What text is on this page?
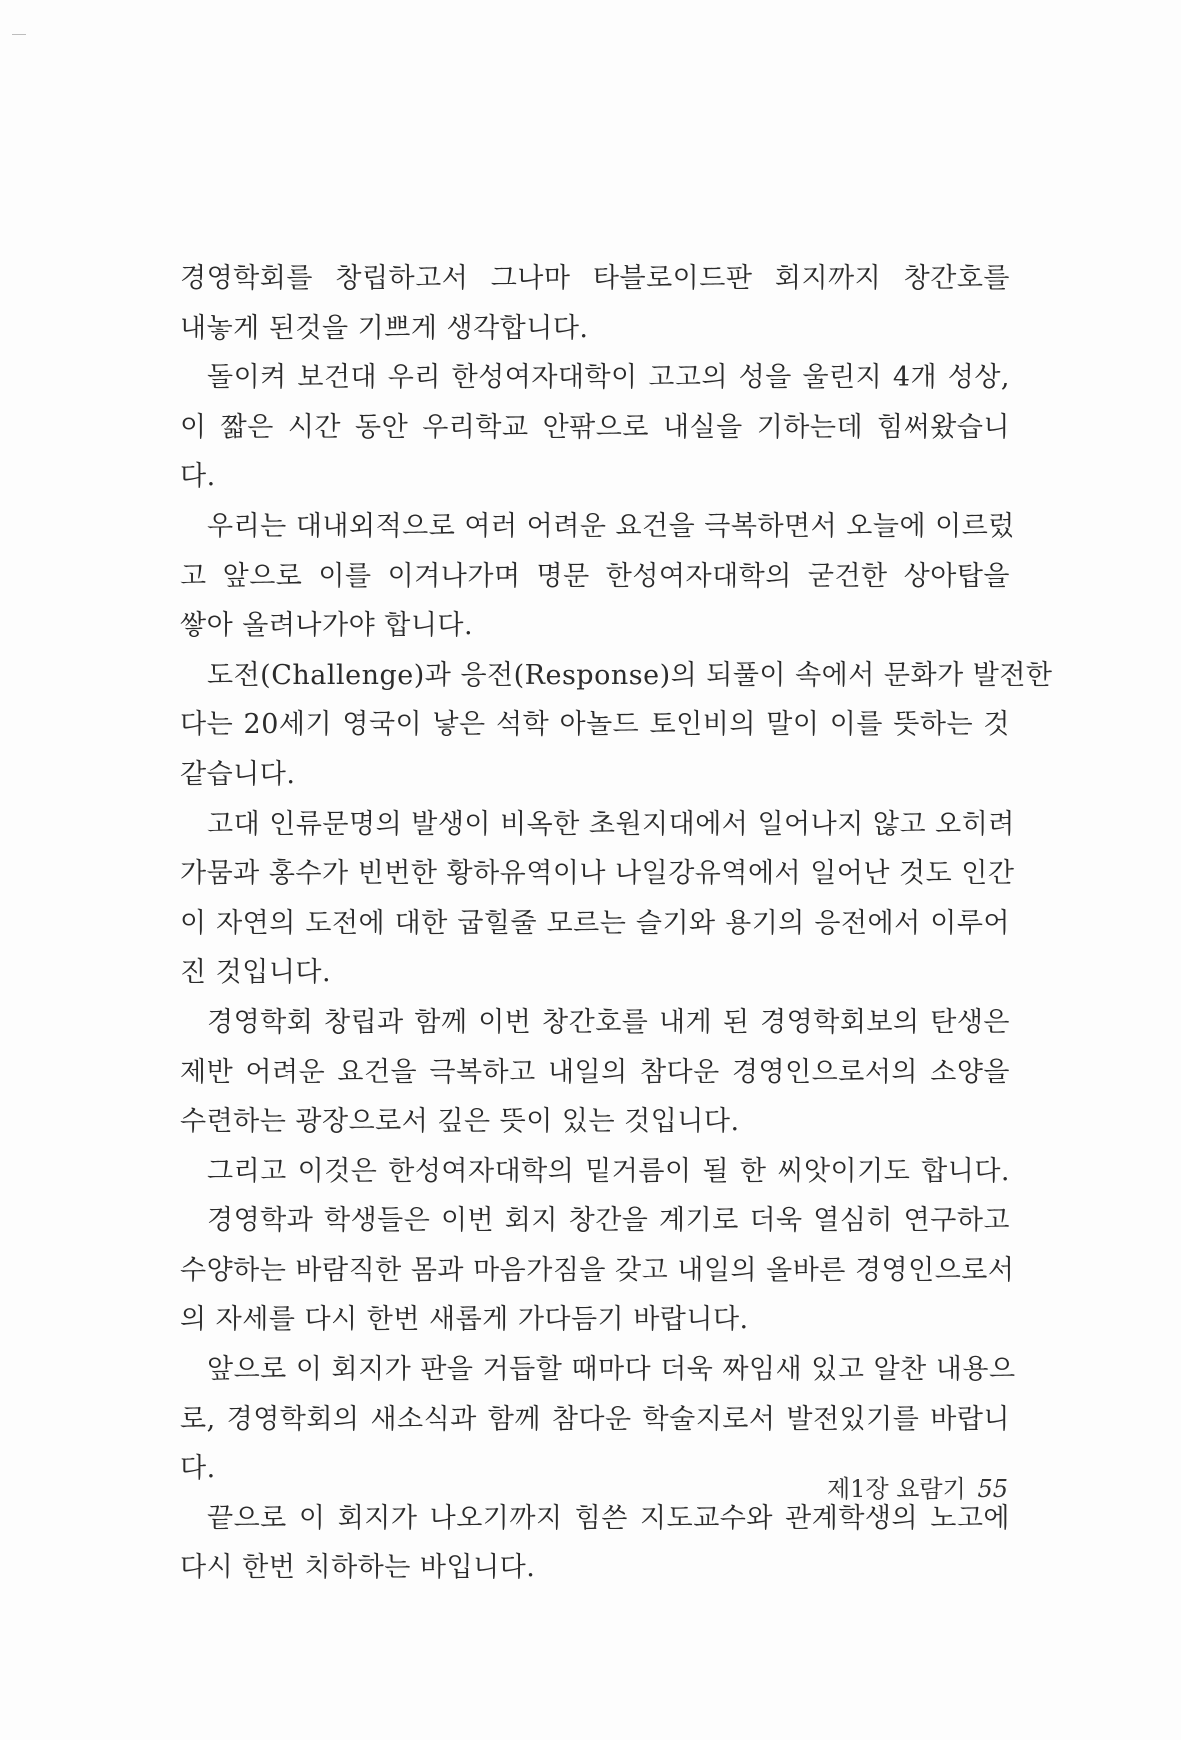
경영학회를 창립하고서 그나마 타블로이드판 회지까지 창간호를
내놓게 된것을 기쁘게 생각합니다.
돌이켜 보건대 우리 한성여자대학이 고고의 성을 울린지 4개 성상,
이 짧은 시간 동안 우리학교 안팎으로 내실을 기하는데 힘써왔습니
다.
우리는 대내외적으로 여러 어려운 요건을 극복하면서 오늘에 이르렀
고 앞으로 이를 이겨나가며 명문 한성여자대학의 굳건한 상아탑을
쌓아 올려나가야 합니다.
도전(Challenge)과 응전(Response)의 되풀이 속에서 문화가 발전한
다는 20세기 영국이 낳은 석학 아놀드 토인비의 말이 이를 뜻하는 것
같습니다.
고대 인류문명의 발생이 비옥한 초원지대에서 일어나지 않고 오히려
가뭄과 홍수가 빈번한 황하유역이나 나일강유역에서 일어난 것도 인간
이 자연의 도전에 대한 굽힐줄 모르는 슬기와 용기의 응전에서 이루어
진 것입니다.
경영학회 창립과 함께 이번 창간호를 내게 된 경영학회보의 탄생은
제반 어려운 요건을 극복하고 내일의 참다운 경영인으로서의 소양을
수련하는 광장으로서 깊은 뜻이 있는 것입니다.
그리고 이것은 한성여자대학의 밑거름이 될 한 씨앗이기도 합니다.
경영학과 학생들은 이번 회지 창간을 계기로 더욱 열심히 연구하고
수양하는 바람직한 몸과 마음가짐을 갖고 내일의 올바른 경영인으로서
의 자세를 다시 한번 새롭게 가다듬기 바랍니다.
앞으로 이 회지가 판을 거듭할 때마다 더욱 짜임새 있고 알찬 내용으
로, 경영학회의 새소식과 함께 참다운 학술지로서 발전있기를 바랍니
다.
끝으로 이 회지가 나오기까지 힘쓴 지도교수와 관계학생의 노고에
다시 한번 치하하는 바입니다.
제1장 요람기 55
